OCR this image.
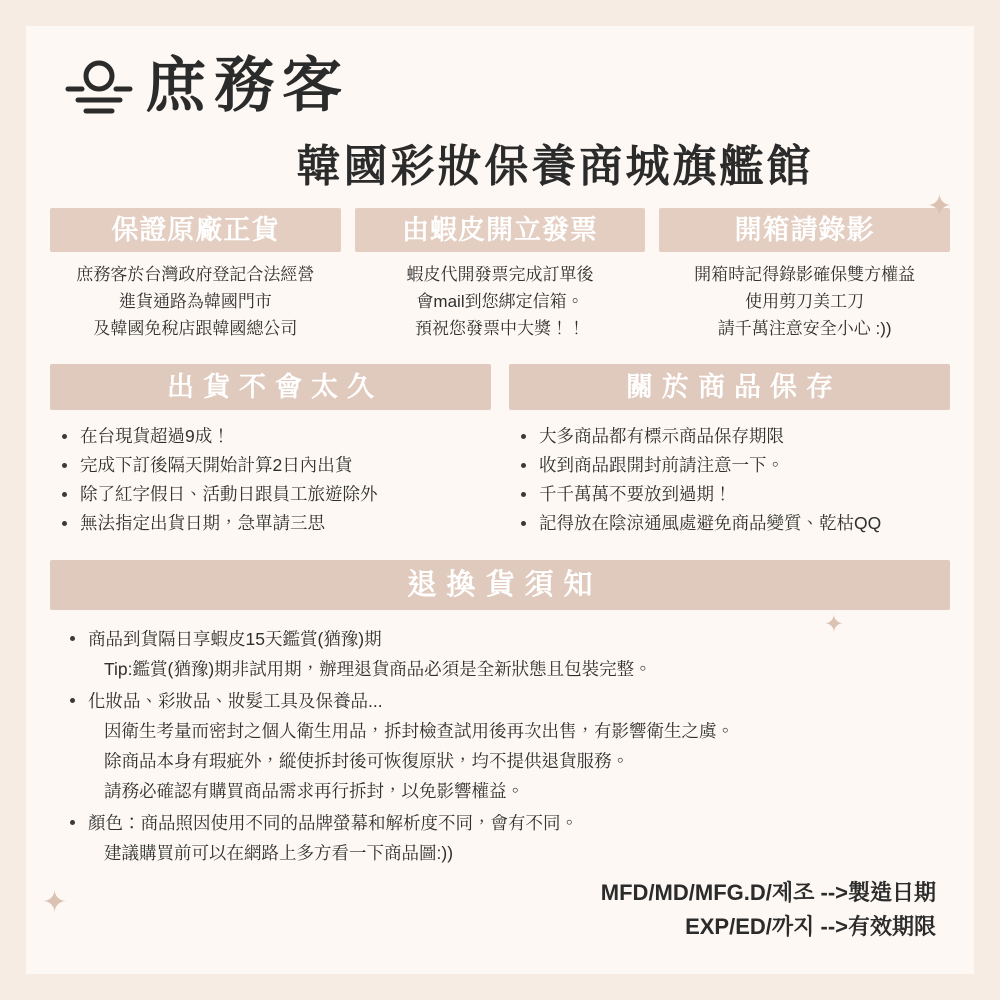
庶務客
韓國彩妝保養商城旗艦館
保證原廠正貨
庶務客於台灣政府登記合法經營
進貨通路為韓國門市
及韓國免稅店跟韓國總公司
由蝦皮開立發票
蝦皮代開發票完成訂單後
會mail到您綁定信箱。
預祝您發票中大獎！！
開箱請錄影
開箱時記得錄影確保雙方權益
使用剪刀美工刀
請千萬注意安全小心 :))
出貨不會太久
在台現貨超過9成！
完成下訂後隔天開始計算2日內出貨
除了紅字假日、活動日跟員工旅遊除外
無法指定出貨日期，急單請三思
關於商品保存
大多商品都有標示商品保存期限
收到商品跟開封前請注意一下。
千千萬萬不要放到過期！
記得放在陰涼通風處避免商品變質、乾枯QQ
退換貨須知
商品到貨隔日享蝦皮15天鑑賞(猶豫)期
Tip:鑑賞(猶豫)期非試用期，辦理退貨商品必須是全新狀態且包裝完整。
化妝品、彩妝品、妝髮工具及保養品...
因衛生考量而密封之個人衛生用品，拆封檢查試用後再次出售，有影響衛生之虞。
除商品本身有瑕疵外，縱使拆封後可恢復原狀，均不提供退貨服務。
請務必確認有購買商品需求再行拆封，以免影響權益。
顏色：商品照因使用不同的品牌螢幕和解析度不同，會有不同。
建議購買前可以在網路上多方看一下商品圖:))
MFD/MD/MFG.D/제조 -->製造日期
EXP/ED/까지 -->有效期限
✦
✦
✦
